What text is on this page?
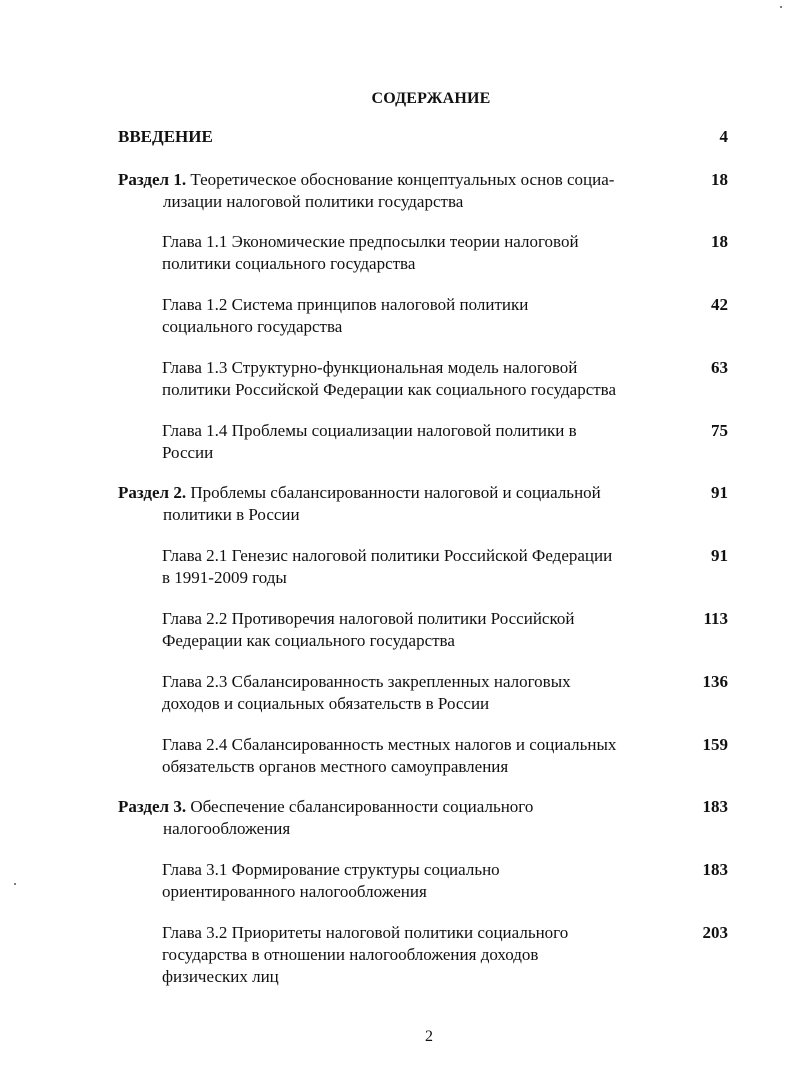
СОДЕРЖАНИЕ
ВВЕДЕНИЕ	4
Раздел 1. Теоретическое обоснование концептуальных основ социа-
лизации налоговой политики государства
18
Глава 1.1 Экономические предпосылки теории налоговой
политики социального государства
18
Глава 1.2 Система принципов налоговой политики
социального государства
42
Глава 1.3 Структурно-функциональная модель налоговой
политики Российской Федерации как социального государства
63
Глава 1.4 Проблемы социализации налоговой политики в
России
75
Раздел 2. Проблемы сбалансированности налоговой и социальной
политики в России
91
Глава 2.1 Генезис налоговой политики Российской Федерации
в 1991-2009 годы
91
Глава 2.2 Противоречия налоговой политики Российской
Федерации как социального государства
113
Глава 2.3 Сбалансированность закрепленных налоговых
доходов и социальных обязательств в России
136
Глава 2.4 Сбалансированность местных налогов и социальных
обязательств органов местного самоуправления
159
Раздел 3. Обеспечение сбалансированности социального
налогообложения
183
Глава 3.1 Формирование структуры социально
ориентированного налогообложения
183
Глава 3.2 Приоритеты налоговой политики социального
государства в отношении налогообложения доходов
физических лиц
203
2
